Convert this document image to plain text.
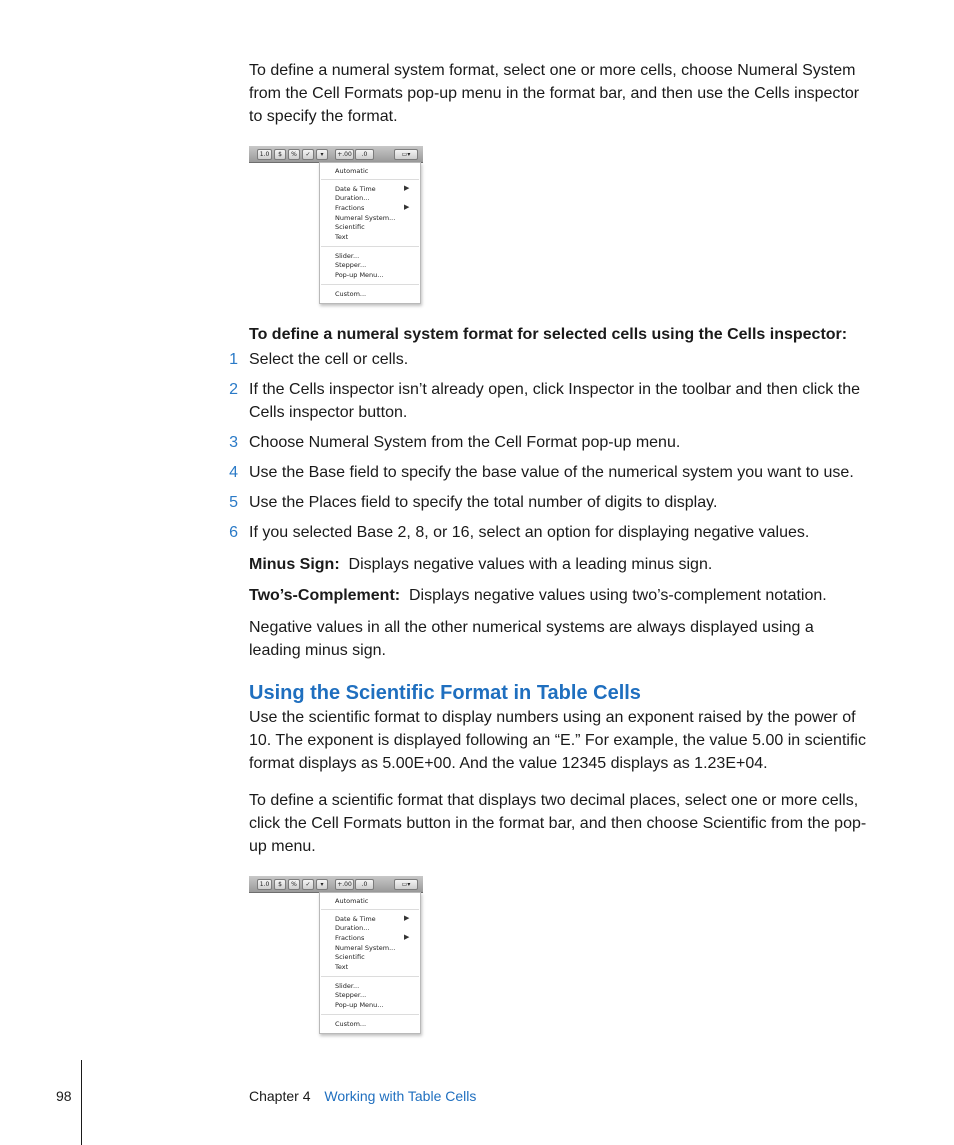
To define a numeral system format, select one or more cells, choose Numeral System from the Cell Formats pop-up menu in the format bar, and then use the Cells inspector to specify the format.

1.0	$	%	✓	▾	+.00	.0	▭▾
Automatic
Date & Time	▶
Duration...
Fractions	▶
Numeral System...
Scientific
Text
Slider...
Stepper...
Pop-up Menu...
Custom...

To define a numeral system format for selected cells using the Cells inspector:

1 Select the cell or cells.
2 If the Cells inspector isn’t already open, click Inspector in the toolbar and then click the Cells inspector button.
3 Choose Numeral System from the Cell Format pop-up menu.
4 Use the Base field to specify the base value of the numerical system you want to use.
5 Use the Places field to specify the total number of digits to display.
6 If you selected Base 2, 8, or 16, select an option for displaying negative values.

Minus Sign: Displays negative values with a leading minus sign.

Two’s-Complement: Displays negative values using two’s-complement notation.

Negative values in all the other numerical systems are always displayed using a leading minus sign.

Using the Scientific Format in Table Cells

Use the scientific format to display numbers using an exponent raised by the power of 10. The exponent is displayed following an “E.” For example, the value 5.00 in scientific format displays as 5.00E+00. And the value 12345 displays as 1.23E+04.

To define a scientific format that displays two decimal places, select one or more cells, click the Cell Formats button in the format bar, and then choose Scientific from the pop-up menu.

1.0	$	%	✓	▾	+.00	.0	▭▾
Automatic
Date & Time	▶
Duration...
Fractions	▶
Numeral System...
Scientific
Text
Slider...
Stepper...
Pop-up Menu...
Custom...
98	Chapter 4 Working with Table Cells
